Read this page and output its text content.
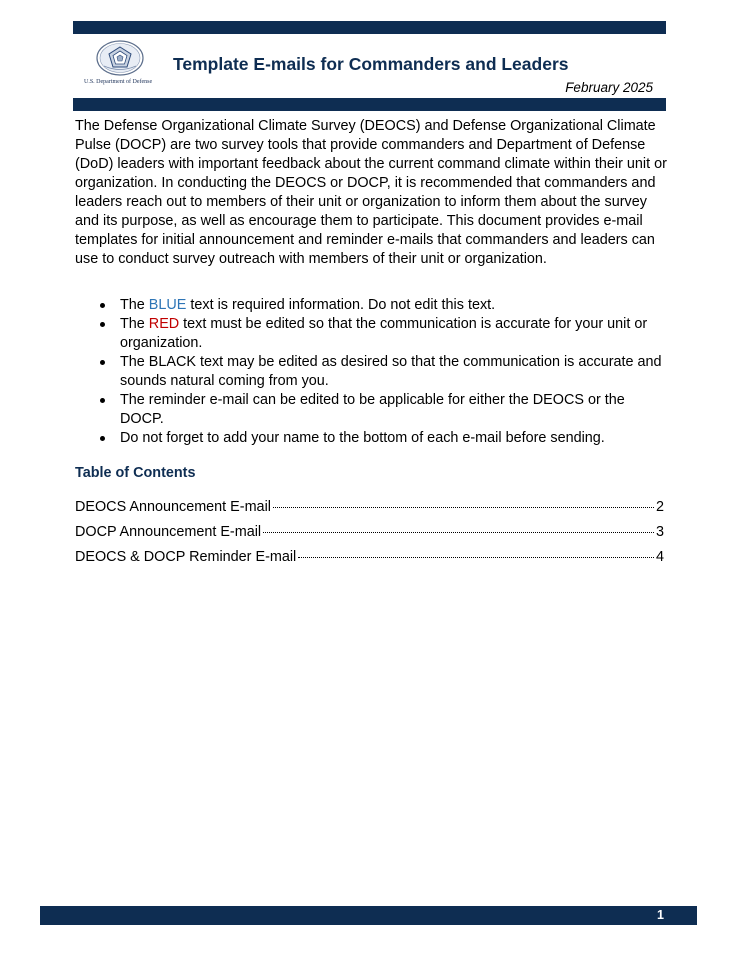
U.S. Department of Defense
Template E-mails for Commanders and Leaders
February 2025

The Defense Organizational Climate Survey (DEOCS) and Defense Organizational Climate Pulse (DOCP) are two survey tools that provide commanders and Department of Defense (DoD) leaders with important feedback about the current command climate within their unit or organization. In conducting the DEOCS or DOCP, it is recommended that commanders and leaders reach out to members of their unit or organization to inform them about the survey and its purpose, as well as encourage them to participate. This document provides e-mail templates for initial announcement and reminder e-mails that commanders and leaders can use to conduct survey outreach with members of their unit or organization.

The BLUE text is required information. Do not edit this text.
The RED text must be edited so that the communication is accurate for your unit or organization.
The BLACK text may be edited as desired so that the communication is accurate and sounds natural coming from you.
The reminder e-mail can be edited to be applicable for either the DEOCS or the DOCP.
Do not forget to add your name to the bottom of each e-mail before sending.
Table of Contents
DEOCS Announcement E-mail	2
DOCP Announcement E-mail	3
DEOCS & DOCP Reminder E-mail	4
1
